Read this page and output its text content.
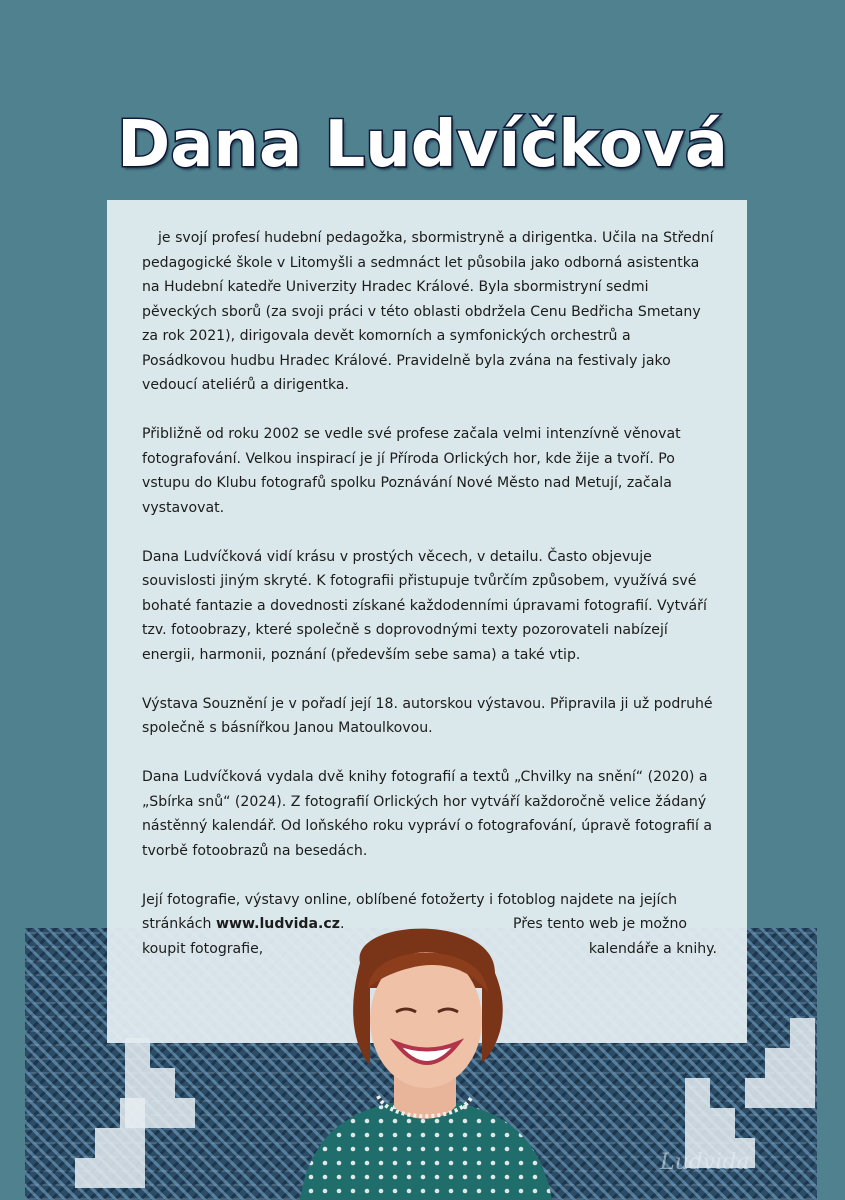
Dana Ludvíčková

je svojí profesí hudební pedagožka, sbormistryně a dirigentka. Učila na Střední pedagogické škole v Litomyšli a sedmnáct let působila jako odborná asistentka na Hudební katedře Univerzity Hradec Králové. Byla sbormistryní sedmi pěveckých sborů (za svoji práci v této oblasti obdržela Cenu Bedřicha Smetany za rok 2021), dirigovala devět komorních a symfonických orchestrů a Posádkovou hudbu Hradec Králové. Pravidelně byla zvána na festivaly jako vedoucí ateliérů a dirigentka.

Přibližně od roku 2002 se vedle své profese začala velmi intenzívně věnovat fotografování. Velkou inspirací je jí Příroda Orlických hor, kde žije a tvoří. Po vstupu do Klubu fotografů spolku Poznávání Nové Město nad Metují, začala vystavovat.

Dana Ludvíčková vidí krásu v prostých věcech, v detailu. Často objevuje souvislosti jiným skryté. K fotografii přistupuje tvůrčím způsobem, využívá své bohaté fantazie a dovednosti získané každodenními úpravami fotografií. Vytváří tzv. fotoobrazy, které společně s doprovodnými texty pozorovateli nabízejí energii, harmonii, poznání (především sebe sama) a také vtip.

Výstava Souznění je v pořadí její 18. autorskou výstavou. Připravila ji už podruhé společně s básnířkou Janou Matoulkovou.

Dana Ludvíčková vydala dvě knihy fotografií a textů „Chvilky na snění“ (2020) a „Sbírka snů“ (2024). Z fotografií Orlických hor vytváří každoročně velice žádaný nástěnný kalendář. Od loňského roku vypráví o fotografování, úpravě fotografií a tvorbě fotoobrazů na besedách.

Její fotografie, výstavy online, oblíbené fotožerty i fotoblog najdete na jejích
stránkách www.ludvida.cz.	Přes tento web je možno
koupit fotografie,	kalendáře a knihy.
Ludvida
